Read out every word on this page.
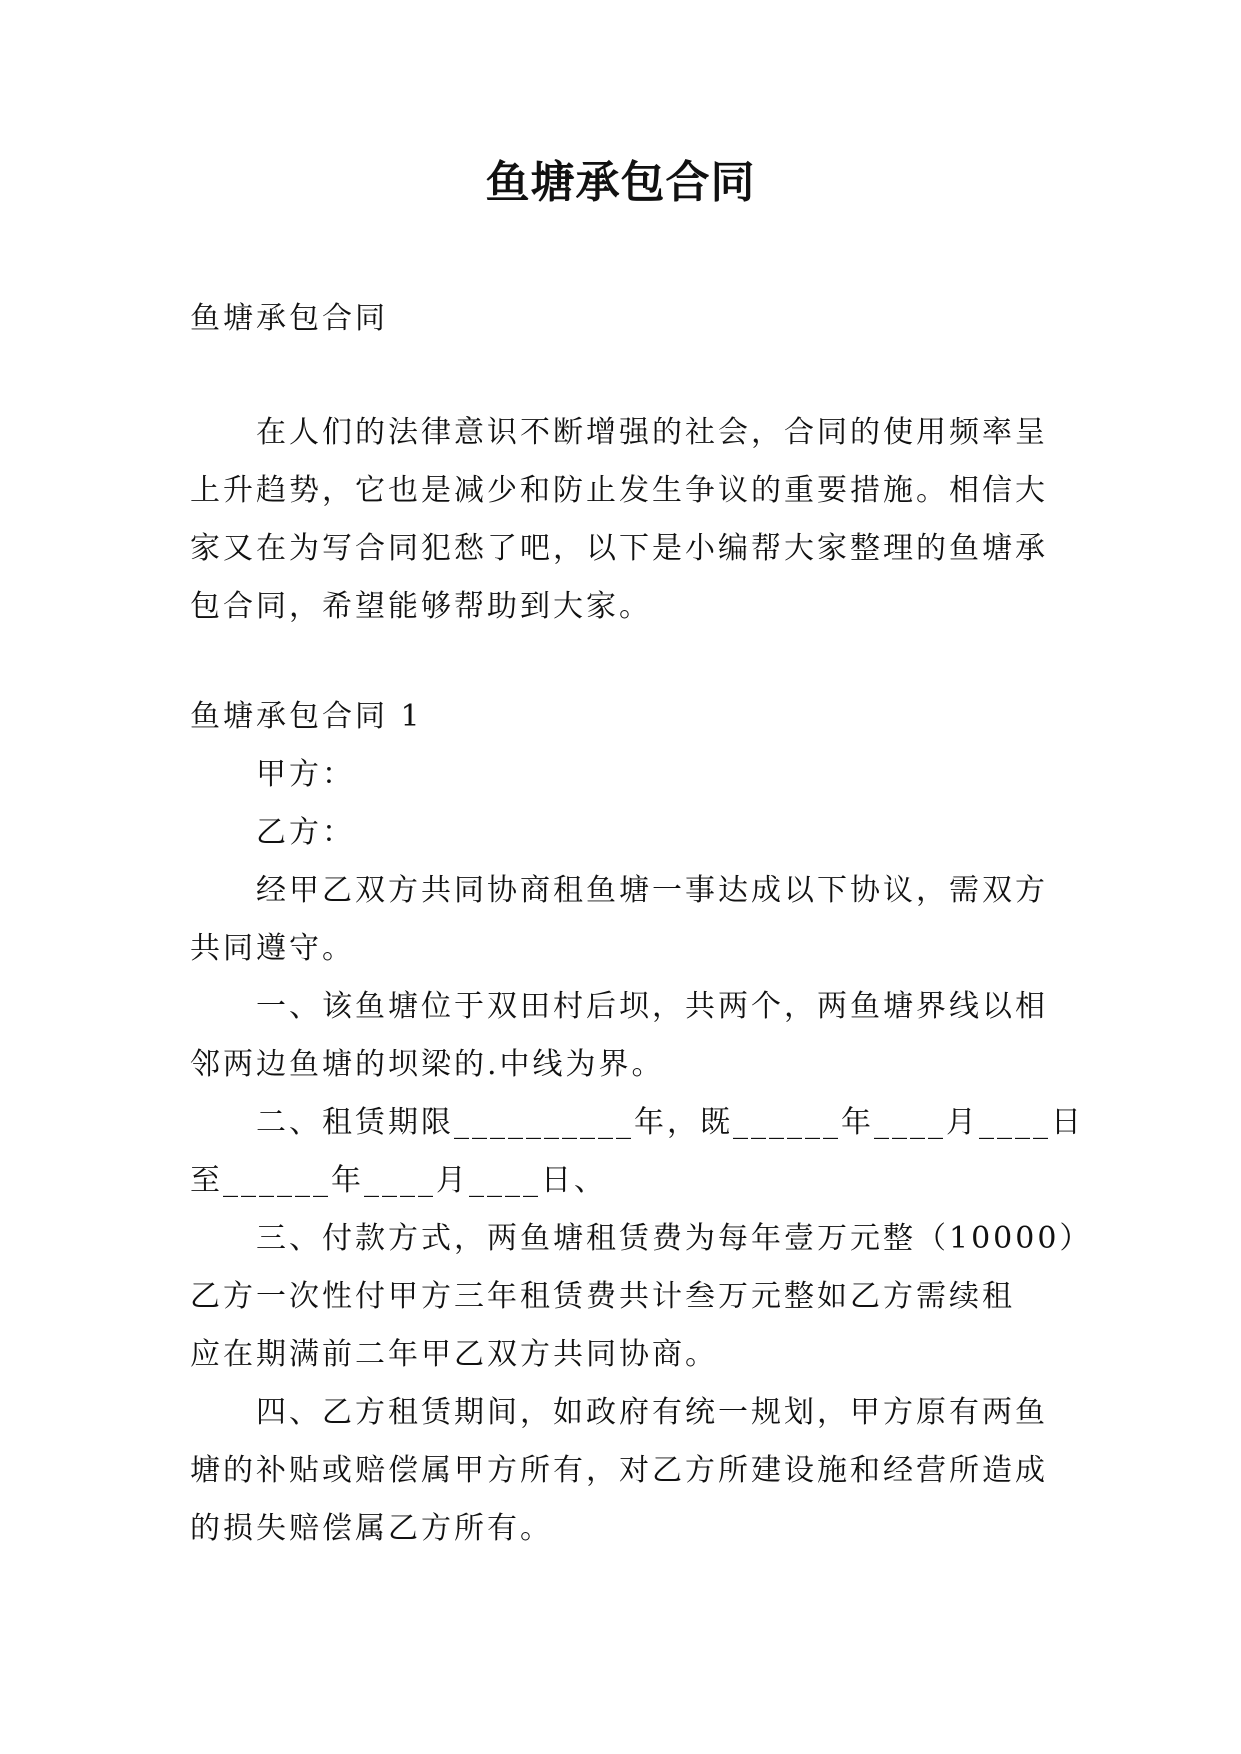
鱼塘承包合同

鱼塘承包合同

在人们的法律意识不断增强的社会，合同的使用频率呈
上升趋势，它也是减少和防止发生争议的重要措施。相信大
家又在为写合同犯愁了吧，以下是小编帮大家整理的鱼塘承
包合同，希望能够帮助到大家。

鱼塘承包合同 1

甲方：

乙方：

经甲乙双方共同协商租鱼塘一事达成以下协议，需双方
共同遵守。
一、该鱼塘位于双田村后坝，共两个，两鱼塘界线以相
邻两边鱼塘的坝梁的.中线为界。
二、租赁期限__________年，既______年____月____日
至______年____月____日、
三、付款方式，两鱼塘租赁费为每年壹万元整（10000）
乙方一次性付甲方三年租赁费共计叁万元整如乙方需续租
应在期满前二年甲乙双方共同协商。
四、乙方租赁期间，如政府有统一规划，甲方原有两鱼
塘的补贴或赔偿属甲方所有，对乙方所建设施和经营所造成
的损失赔偿属乙方所有。
